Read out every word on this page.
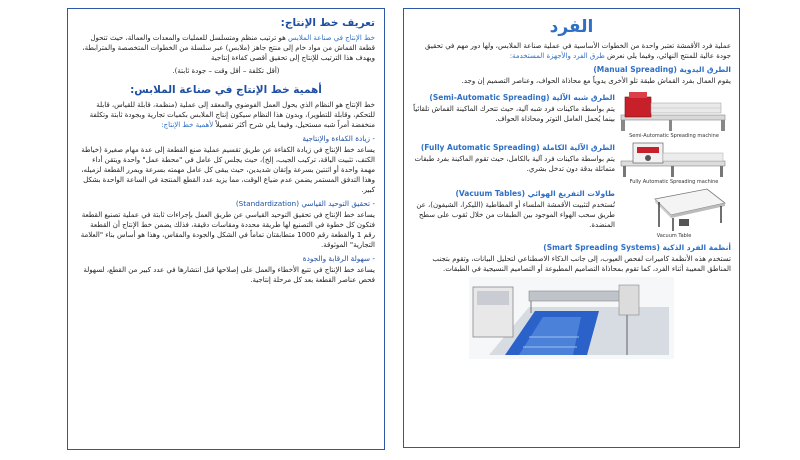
تعريف خط الإنتاج:

خط الإنتاج في صناعة الملابس هو ترتيب منظم ومتسلسل للعمليات والمعدات والعمالة، حيث تتحول قطعة القماش من مواد خام إلى منتج جاهز (ملابس) عبر سلسلة من الخطوات المتخصصة والمترابطة، ويهدف هذا الترتيب للإنتاج إلى تحقيق أقصى كفاءة إنتاجية

(أقل تكلفة – أقل وقت – جودة ثابتة).

أهمية خط الإنتاج في صناعة الملابس:

خط الإنتاج هو النظام الذي يحول العمل الفوضوي والمعقد إلى عملية (منظمة، قابلة للقياس، قابلة للتحكم، وقابلة للتطوير)، وبدون هذا النظام سيكون إنتاج الملابس بكميات تجارية وبجودة ثابتة وتكلفة منخفضة أمراً شبه مستحيل، وفيما يلي شرح أكثر تفصيلاً لأهمية خط الإنتاج:

- زيادة الكفاءة والإنتاجية

يساعد خط الإنتاج في زيادة الكفاءة عن طريق تقسيم عملية صنع القطعة إلى عدة مهام صغيرة (خياطة الكتف، تثبيت الياقة، تركيب الجيب، إلخ)، حيث يجلس كل عامل في "محطة عمل" واحدة ويتقن أداء مهمة واحدة أو اثنتين بسرعة وإتقان شديدين، حيث يبقى كل عامل مهمته بسرعة ويمرر القطعة لزميله، وهذا التدفق المستمر يضمن عدم ضياع الوقت، مما يزيد عدد القطع المنتجة في الساعة الواحدة بشكل كبير.

- تحقيق التوحيد القياسي (Standardization)

يساعد خط الإنتاج في تحقيق التوحيد القياسي عن طريق العمل بإجراءات ثابتة في عملية تصنيع القطعة فتكون كل خطوة في التصنيع لها طريقة محددة ومقاسات دقيقة، فذلك يضمن خط الإنتاج أن القطعة رقم 1 والقطعة رقم 1000 متطابقتان تماماً في الشكل والجودة والمقاس، وهذا هو أساس بناء "العلامة التجارية" الموثوقة.

- سهولة الرقابة والجودة

يساعد خط الإنتاج في تتبع الأخطاء والعمل على إصلاحها قبل انتشارها في عدد كبير من القطع، لسهولة فحص عناصر القطعة بعد كل مرحلة إنتاجية.

الفرد

عملية فرد الأقمشة تعتبر واحدة من الخطوات الأساسية في عملية صناعة الملابس، ولها دور مهم في تحقيق جودة عالية للمنتج النهائي، وفيما يلي نعرض طرق الفرد والأجهزة المستخدمة:

الطرق اليدوية (Manual Spreading)

يقوم العمال بفرد القماش طبقة تلو الأخرى يدوياً مع محاذاة الحواف، وعناصر التصميم إن وجد.

الطرق شبه الآلية (Semi-Automatic Spreading)

يتم بواسطة ماكينات فرد شبه آلية، حيث تتحرك الماكينة القماش تلقائياً بينما يُحمل العامل التوتر ومحاذاة الحواف.

Semi-Automatic Spreading machine
الطرق الآلية الكاملة (Fully Automatic Spreading)

يتم بواسطة ماكينات فرد آلية بالكامل، حيث تقوم الماكينة بفرد طبقات متماثلة بدقة دون تدخل بشري.

Fully Automatic Spreading machine
طاولات التفريغ الهوائي (Vacuum Tables)

تُستخدم لتثبيت الأقمشة الملساء أو المطاطية (الليكرا، الشيفون)، عن طريق سحب الهواء الموجود بين الطبقات من خلال ثقوب على سطح المنضدة.

Vacuum Table
أنظمة الفرد الذكية (Smart Spreading Systems)

تستخدم هذه الأنظمة كاميرات لفحص العيوب، إلى جانب الذكاء الاصطناعي لتحليل البيانات، وتقوم بتجنب المناطق المعيبة أثناء الفرد، كما تقوم بمحاذاة التصاميم المطبوعة أو التصاميم النسيجية في الطبقات.
